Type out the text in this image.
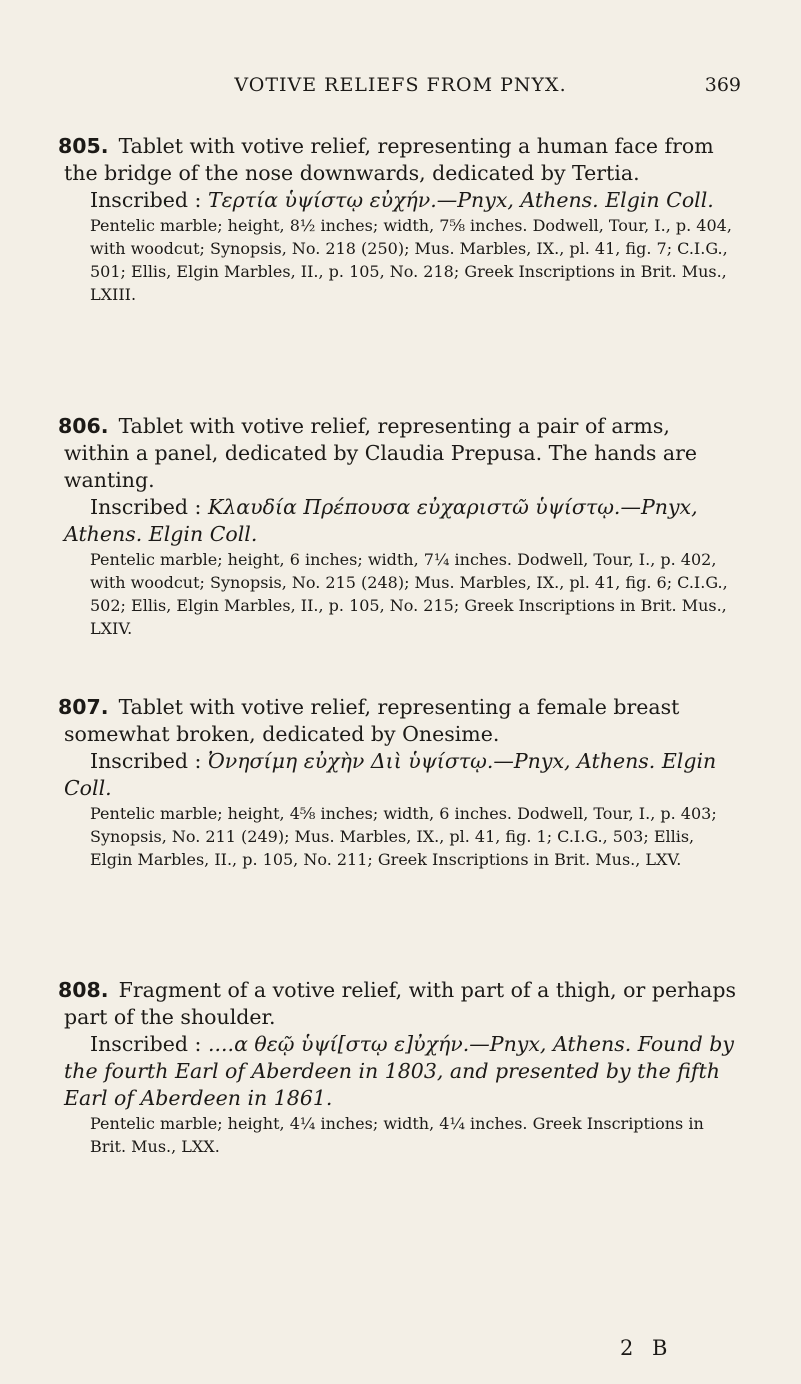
VOTIVE RELIEFS FROM PNYX.	369

805. Tablet with votive relief, representing a human face from the bridge of the nose downwards, dedicated by Tertia.

Inscribed : Τερτία ὑψίστῳ εὐχήν.—Pnyx, Athens. Elgin Coll.

Pentelic marble; height, 8½ inches; width, 7⅝ inches. Dodwell, Tour, I., p. 404, with woodcut; Synopsis, No. 218 (250); Mus. Marbles, IX., pl. 41, fig. 7; C.I.G., 501; Ellis, Elgin Marbles, II., p. 105, No. 218; Greek Inscriptions in Brit. Mus., LXIII.

806. Tablet with votive relief, representing a pair of arms, within a panel, dedicated by Claudia Prepusa. The hands are wanting.

Inscribed : Κλαυδία Πρέπουσα εὐχαριστῶ ὑψίστῳ.—Pnyx, Athens. Elgin Coll.

Pentelic marble; height, 6 inches; width, 7¼ inches. Dodwell, Tour, I., p. 402, with woodcut; Synopsis, No. 215 (248); Mus. Marbles, IX., pl. 41, fig. 6; C.I.G., 502; Ellis, Elgin Marbles, II., p. 105, No. 215; Greek Inscriptions in Brit. Mus., LXIV.

807. Tablet with votive relief, representing a female breast somewhat broken, dedicated by Onesime.

Inscribed : Ὀνησίμη εὐχὴν Διὶ ὑψίστῳ.—Pnyx, Athens. Elgin Coll.

Pentelic marble; height, 4⅝ inches; width, 6 inches. Dodwell, Tour, I., p. 403; Synopsis, No. 211 (249); Mus. Marbles, IX., pl. 41, fig. 1; C.I.G., 503; Ellis, Elgin Marbles, II., p. 105, No. 211; Greek Inscriptions in Brit. Mus., LXV.

808. Fragment of a votive relief, with part of a thigh, or perhaps part of the shoulder.

Inscribed : ....α θεῷ ὑψί[στῳ ε]ὐχήν.—Pnyx, Athens. Found by the fourth Earl of Aberdeen in 1803, and presented by the fifth Earl of Aberdeen in 1861.

Pentelic marble; height, 4¼ inches; width, 4¼ inches. Greek Inscriptions in Brit. Mus., LXX.

2 B
